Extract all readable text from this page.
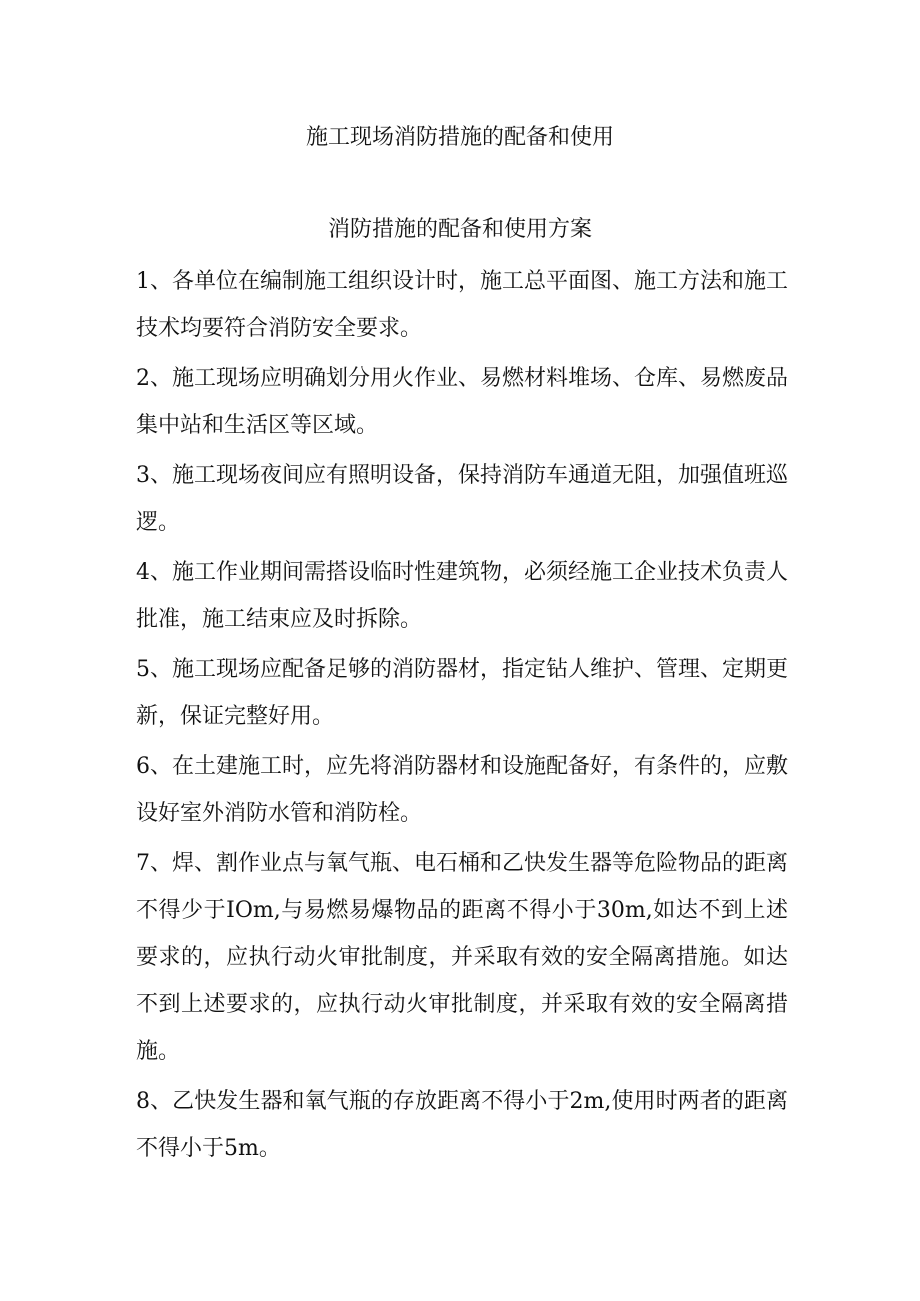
施工现场消防措施的配备和使用
消防措施的配备和使用方案
1、各单位在编制施工组织设计时，施工总平面图、施工方法和施工技术均要符合消防安全要求。
2、施工现场应明确划分用火作业、易燃材料堆场、仓库、易燃废品集中站和生活区等区域。
3、施工现场夜间应有照明设备，保持消防车通道无阻，加强值班巡逻。
4、施工作业期间需搭设临时性建筑物，必须经施工企业技术负责人批准，施工结束应及时拆除。
5、施工现场应配备足够的消防器材，指定钻人维护、管理、定期更新，保证完整好用。
6、在土建施工时，应先将消防器材和设施配备好，有条件的，应敷设好室外消防水管和消防栓。
7、焊、割作业点与氧气瓶、电石桶和乙快发生器等危险物品的距离不得少于IOm,与易燃易爆物品的距离不得小于30m,如达不到上述要求的，应执行动火审批制度，并采取有效的安全隔离措施。如达不到上述要求的，应执行动火审批制度，并采取有效的安全隔离措施。
8、乙快发生器和氧气瓶的存放距离不得小于2m,使用时两者的距离不得小于5m。
